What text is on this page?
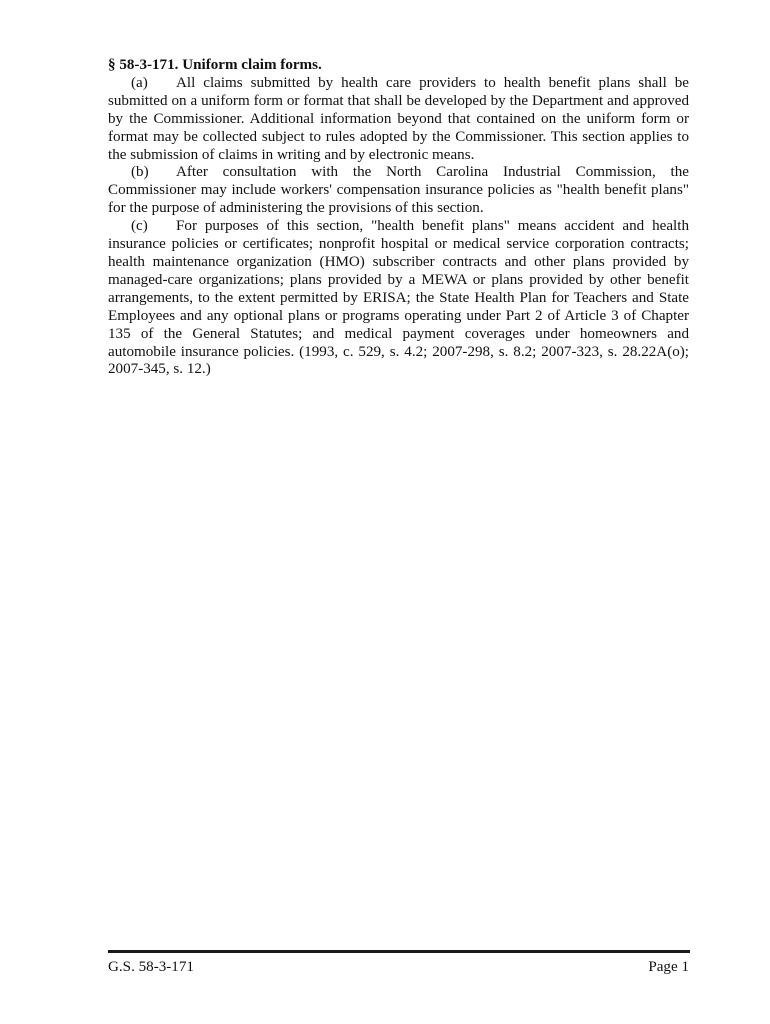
§ 58-3-171. Uniform claim forms.

(a) All claims submitted by health care providers to health benefit plans shall be submitted on a uniform form or format that shall be developed by the Department and approved by the Commissioner. Additional information beyond that contained on the uniform form or format may be collected subject to rules adopted by the Commissioner. This section applies to the submission of claims in writing and by electronic means.

(b) After consultation with the North Carolina Industrial Commission, the Commissioner may include workers' compensation insurance policies as "health benefit plans" for the purpose of administering the provisions of this section.

(c) For purposes of this section, "health benefit plans" means accident and health insurance policies or certificates; nonprofit hospital or medical service corporation contracts; health maintenance organization (HMO) subscriber contracts and other plans provided by managed-care organizations; plans provided by a MEWA or plans provided by other benefit arrangements, to the extent permitted by ERISA; the State Health Plan for Teachers and State Employees and any optional plans or programs operating under Part 2 of Article 3 of Chapter 135 of the General Statutes; and medical payment coverages under homeowners and automobile insurance policies. (1993, c. 529, s. 4.2; 2007-298, s. 8.2; 2007-323, s. 28.22A(o); 2007-345, s. 12.)

G.S. 58-3-171	Page 1
